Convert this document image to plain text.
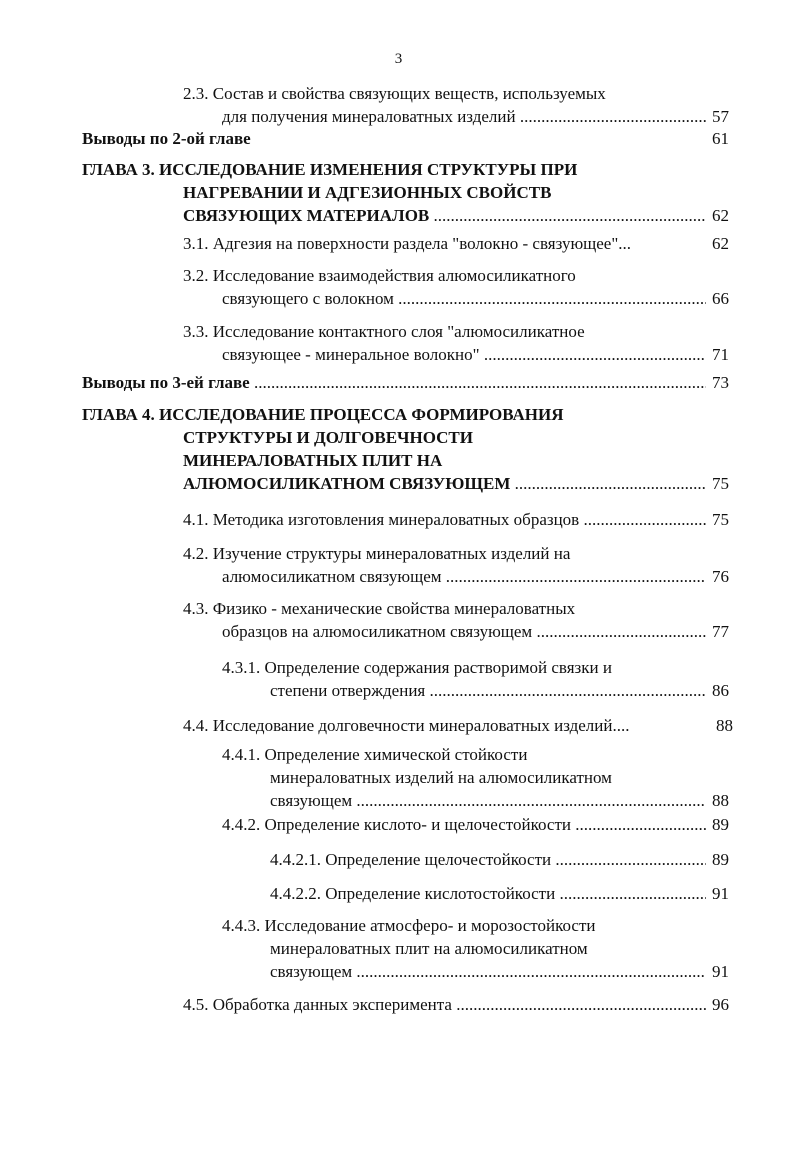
3
2.3. Состав и свойства связующих веществ, используемых
для получения минераловатных изделий .....	57
Выводы по 2-ой главе	61
ГЛАВА 3. ИССЛЕДОВАНИЕ ИЗМЕНЕНИЯ СТРУКТУРЫ ПРИ
НАГРЕВАНИИ И АДГЕЗИОННЫХ СВОЙСТВ
СВЯЗУЮЩИХ МАТЕРИАЛОВ .....	62
3.1. Адгезия на поверхности раздела "волокно - связующее"...	62
3.2. Исследование взаимодействия алюмосиликатного
связующего с волокном .....	66
3.3. Исследование контактного слоя "алюмосиликатное
связующее - минеральное волокно" .....	71
Выводы по 3-ей главе .....	73
ГЛАВА 4. ИССЛЕДОВАНИЕ ПРОЦЕССА ФОРМИРОВАНИЯ
СТРУКТУРЫ И ДОЛГОВЕЧНОСТИ
МИНЕРАЛОВАТНЫХ ПЛИТ НА
АЛЮМОСИЛИКАТНОМ СВЯЗУЮЩЕМ .....	75
4.1. Методика изготовления минераловатных образцов .....	75
4.2. Изучение структуры минераловатных изделий на
алюмосиликатном связующем .....	76
4.3. Физико - механические свойства минераловатных
образцов на алюмосиликатном связующем .....	77
4.3.1. Определение содержания растворимой связки и
степени отверждения .....	86
4.4. Исследование долговечности минераловатных изделий....	88
4.4.1. Определение химической стойкости
минераловатных изделий на алюмосиликатном
связующем .....	88
4.4.2. Определение кислото- и щелочестойкости .....	89
4.4.2.1. Определение щелочестойкости .....	89
4.4.2.2. Определение кислотостойкости .....	91
4.4.3. Исследование атмосферо- и морозостойкости
минераловатных плит на алюмосиликатном
связующем .....	91
4.5. Обработка данных эксперимента .....	96
